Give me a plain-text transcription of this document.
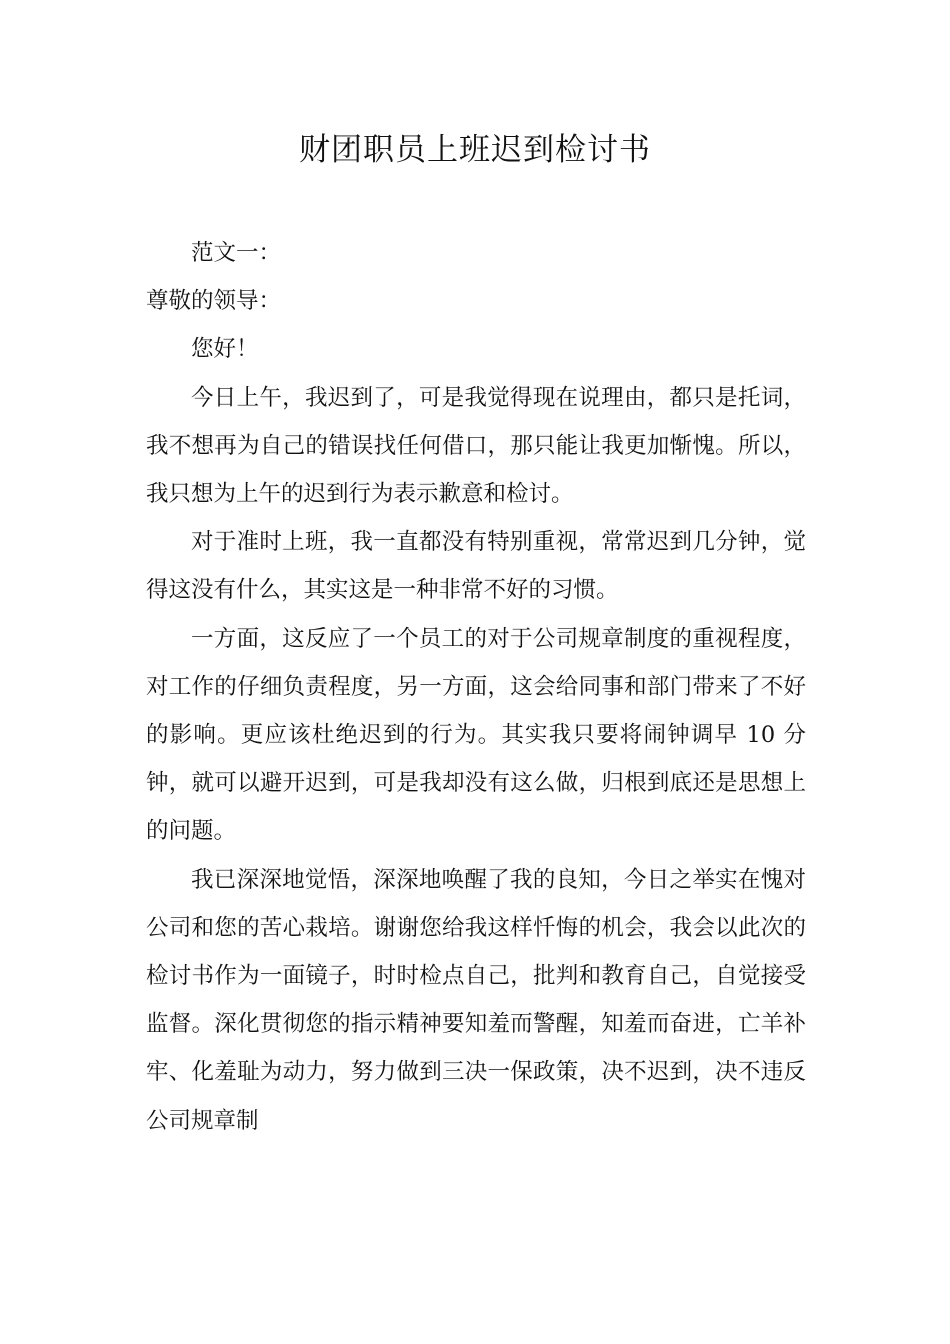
财团职员上班迟到检讨书

范文一：

尊敬的领导：

您好！

今日上午，我迟到了，可是我觉得现在说理由，都只是托词，我不想再为自己的错误找任何借口，那只能让我更加惭愧。所以，我只想为上午的迟到行为表示歉意和检讨。

对于准时上班，我一直都没有特别重视，常常迟到几分钟，觉得这没有什么，其实这是一种非常不好的习惯。

一方面，这反应了一个员工的对于公司规章制度的重视程度，对工作的仔细负责程度，另一方面，这会给同事和部门带来了不好的影响。更应该杜绝迟到的行为。其实我只要将闹钟调早 10 分钟，就可以避开迟到，可是我却没有这么做，归根到底还是思想上的问题。

我已深深地觉悟，深深地唤醒了我的良知，今日之举实在愧对公司和您的苦心栽培。谢谢您给我这样忏悔的机会，我会以此次的检讨书作为一面镜子，时时检点自己，批判和教育自己，自觉接受监督。深化贯彻您的指示精神要知羞而警醒，知羞而奋进，亡羊补牢、化羞耻为动力，努力做到三决一保政策，决不迟到，决不违反公司规章制
